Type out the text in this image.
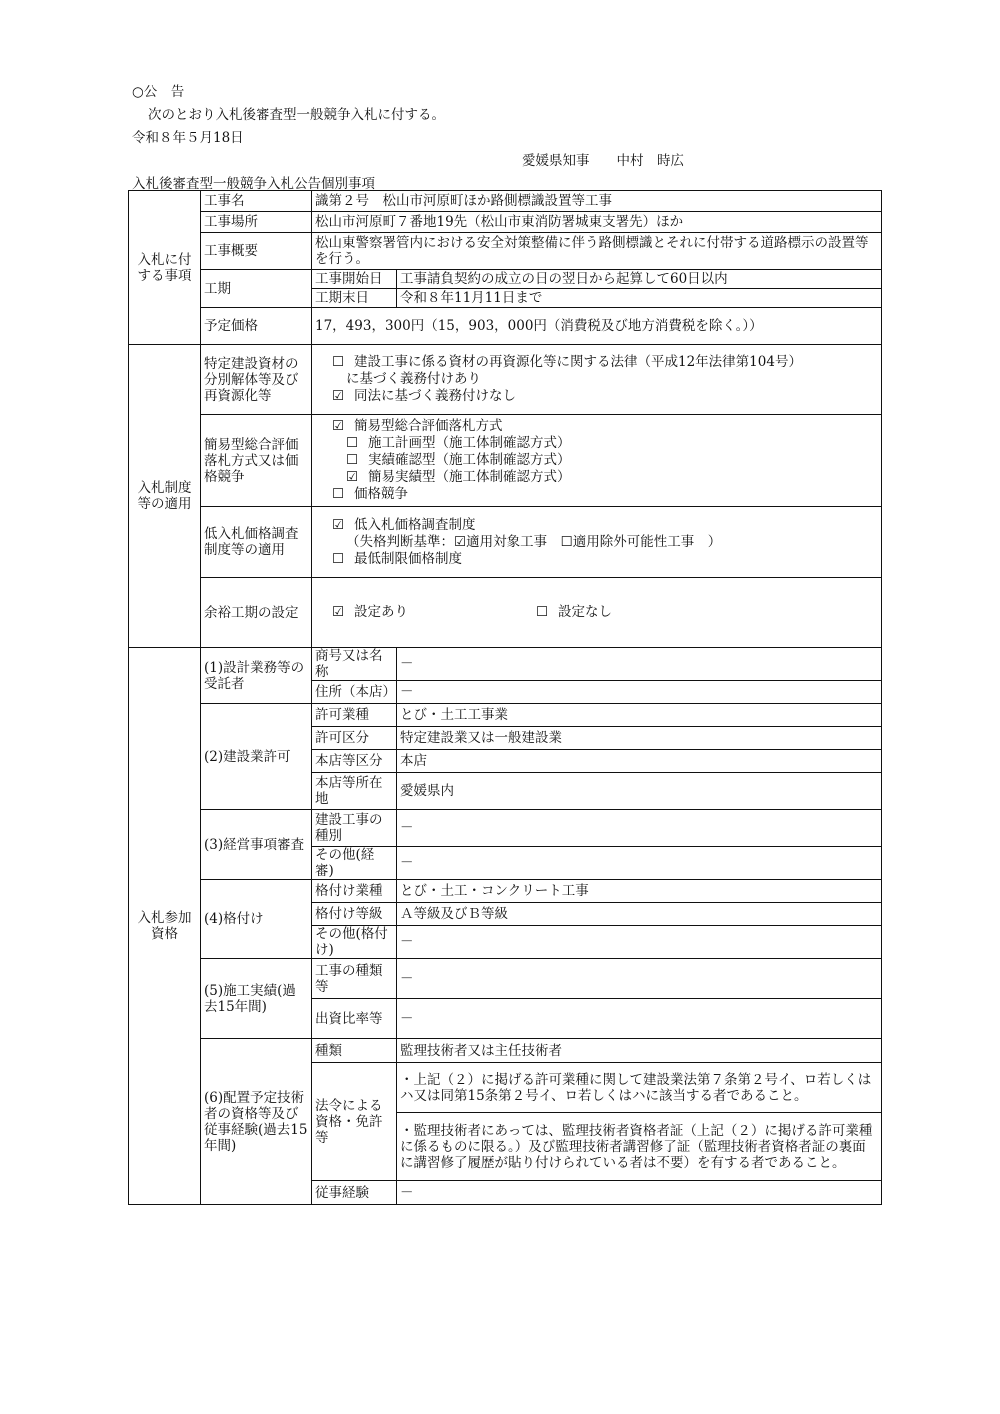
○公　告
次のとおり入札後審査型一般競争入札に付する。
令和８年５月18日
愛媛県知事　　中村　時広
入札後審査型一般競争入札公告個別事項
入札に付する事項	工事名	識第２号　松山市河原町ほか路側標識設置等工事	
	工事場所	松山市河原町７番地19先（松山市東消防署城東支署先）ほか	
	工事概要	松山東警察署管内における安全対策整備に伴う路側標識とそれに付帯する道路標示の設置等を行う。	
	工期	工事開始日	工事請負契約の成立の日の翌日から起算して60日以内
		工期末日	令和８年11月11日まで
	予定価格	17，493，300円（15，903，000円（消費税及び地方消費税を除く。））	
入札制度等の適用	特定建設資材の分別解体等及び再資源化等	☐ 建設工事に係る資材の再資源化等に関する法律（平成12年法律第104号）
に基づく義務付けあり
☑ 同法に基づく義務付けなし	

	簡易型総合評価落札方式又は価格競争	☑ 簡易型総合評価落札方式
☐ 施工計画型（施工体制確認方式）
☐ 実績確認型（施工体制確認方式）
☑ 簡易実績型（施工体制確認方式）
☐ 価格競争	

	低入札価格調査制度等の適用	☑ 低入札価格調査制度
（失格判断基準：☑適用対象工事　 ☐適用除外可能性工事　）
☐ 最低制限価格制度	

	余裕工期の設定	☑ 設定あり ☐ 設定なし	

入札参加資格	(1)設計業務等の受託者	商号又は名称	－
		住所（本店）	－
	(2)建設業許可	許可業種	とび・土工工事業
		許可区分	特定建設業又は一般建設業
		本店等区分	本店
		本店等所在地	愛媛県内
	(3)経営事項審査	建設工事の種別	－
		その他(経審)	－
	(4)格付け	格付け業種	とび・土工・コンクリート工事
		格付け等級	Ａ等級及びＢ等級
		その他(格付け)	－
	(5)施工実績(過去15年間)	工事の種類等	－
		出資比率等	－
	(6)配置予定技術者の資格等及び従事経験(過去15年間)	種類	監理技術者又は主任技術者
		法令による資格・免許等	・上記（２）に掲げる許可業種に関して建設業法第７条第２号イ、ロ若しくはハ又は同第15条第２号イ、ロ若しくはハに該当する者であること。
			・監理技術者にあっては、監理技術者資格者証（上記（２）に掲げる許可業種に係るものに限る。）及び監理技術者講習修了証（監理技術者資格者証の裏面に講習修了履歴が貼り付けられている者は不要）を有する者であること。
		従事経験	－
